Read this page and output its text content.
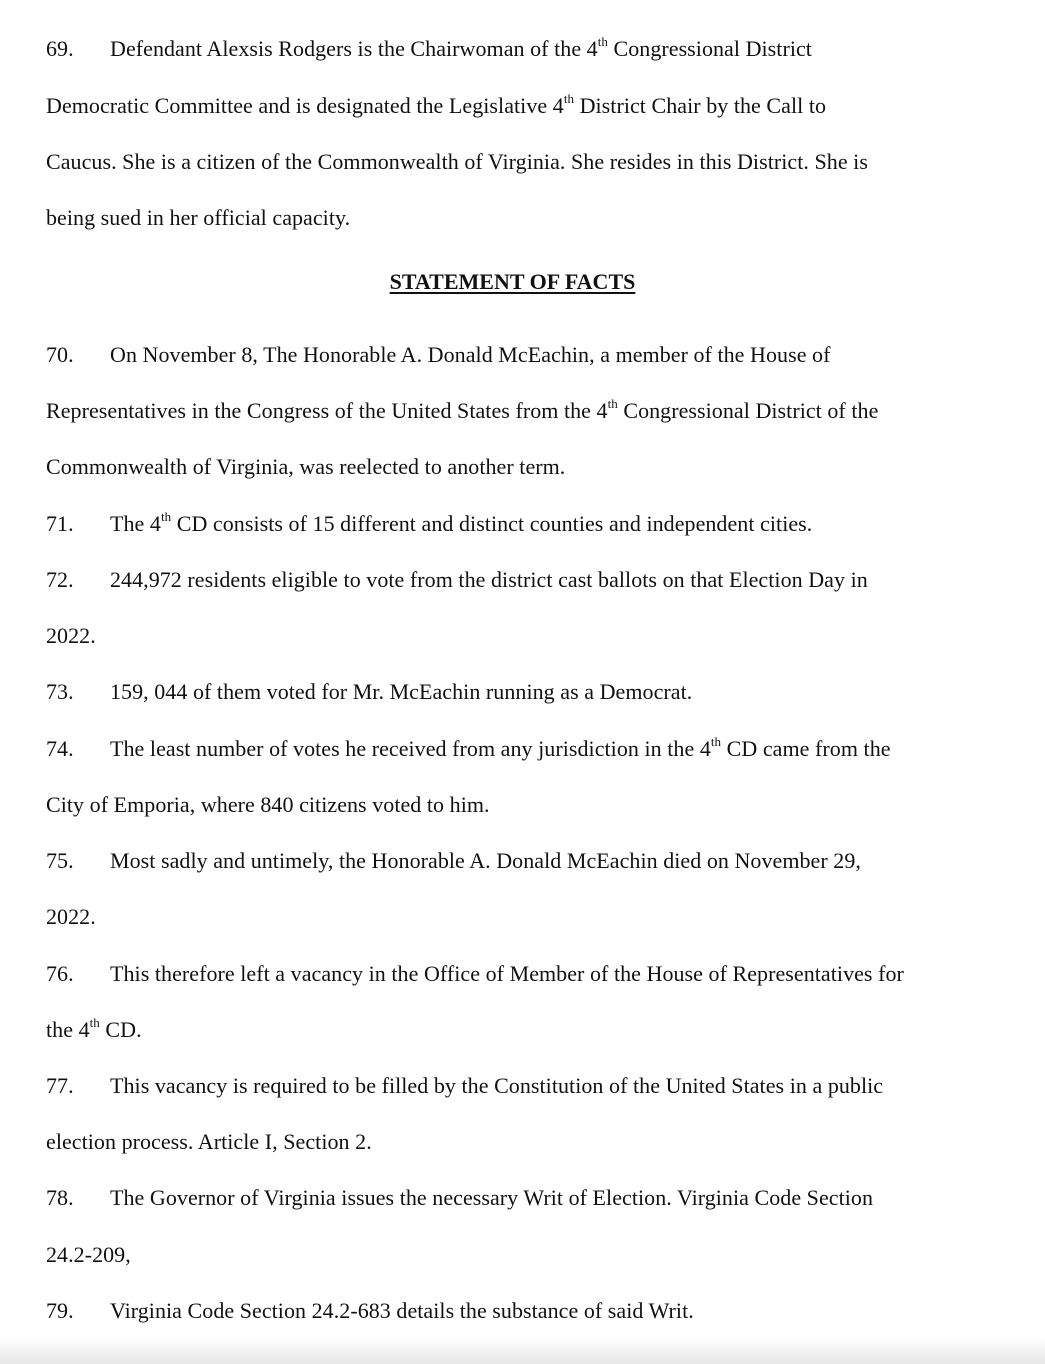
69. Defendant Alexsis Rodgers is the Chairwoman of the 4th Congressional District
Democratic Committee and is designated the Legislative 4th District Chair by the Call to
Caucus. She is a citizen of the Commonwealth of Virginia. She resides in this District. She is
being sued in her official capacity.
STATEMENT OF FACTS
70. On November 8, The Honorable A. Donald McEachin, a member of the House of
Representatives in the Congress of the United States from the 4th Congressional District of the
Commonwealth of Virginia, was reelected to another term.
71. The 4th CD consists of 15 different and distinct counties and independent cities.
72. 244,972 residents eligible to vote from the district cast ballots on that Election Day in
2022.
73. 159, 044 of them voted for Mr. McEachin running as a Democrat.
74. The least number of votes he received from any jurisdiction in the 4th CD came from the
City of Emporia, where 840 citizens voted to him.
75. Most sadly and untimely, the Honorable A. Donald McEachin died on November 29,
2022.
76. This therefore left a vacancy in the Office of Member of the House of Representatives for
the 4th CD.
77. This vacancy is required to be filled by the Constitution of the United States in a public
election process. Article I, Section 2.
78. The Governor of Virginia issues the necessary Writ of Election. Virginia Code Section
24.2-209,
79. Virginia Code Section 24.2-683 details the substance of said Writ.
